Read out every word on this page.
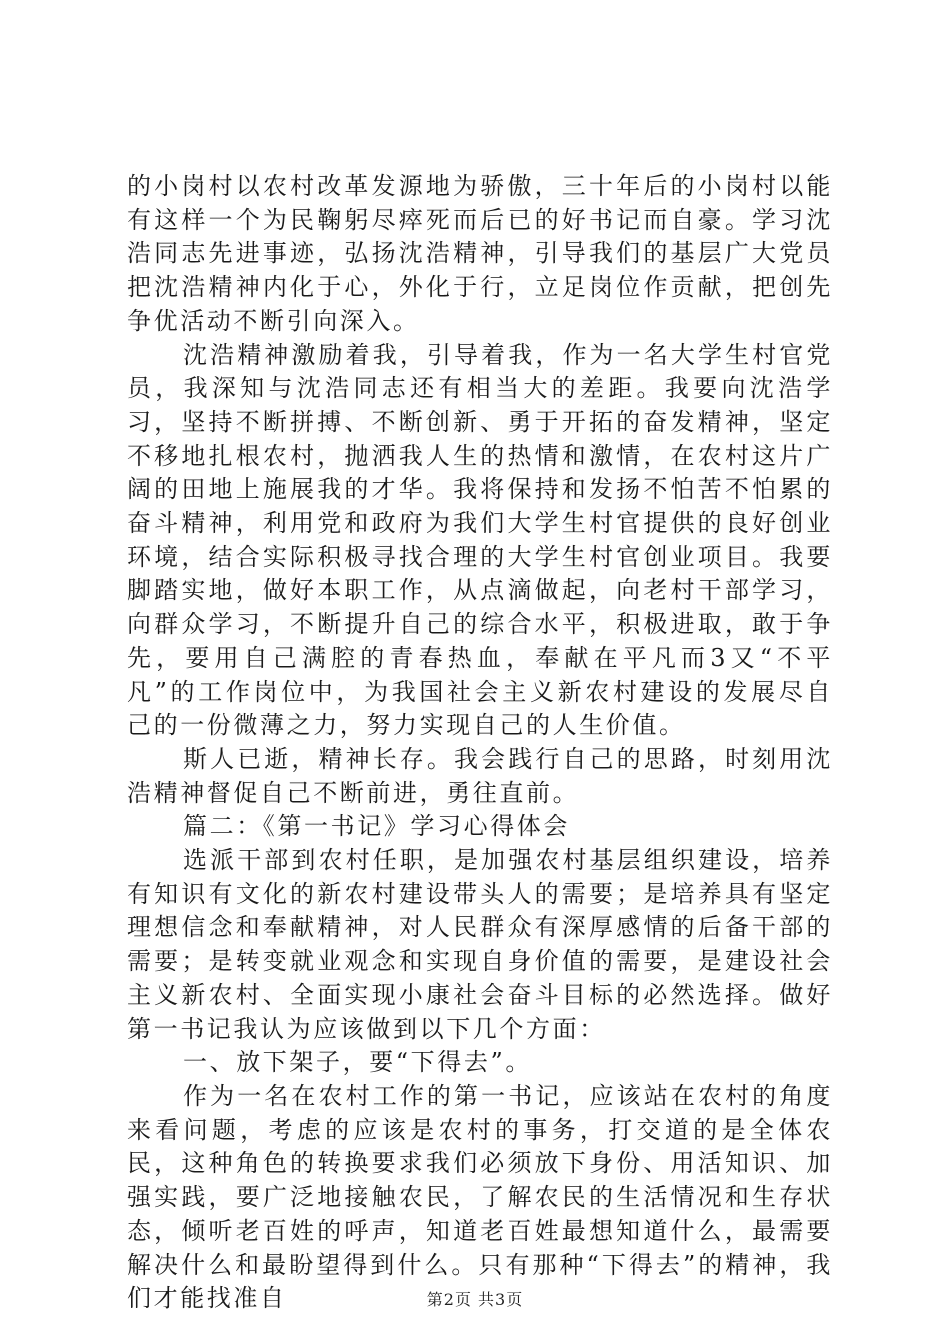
的小岗村以农村改革发源地为骄傲，三十年后的小岗村以能有这样一个为民鞠躬尽瘁死而后已的好书记而自豪。学习沈浩同志先进事迹，弘扬沈浩精神，引导我们的基层广大党员把沈浩精神内化于心，外化于行，立足岗位作贡献，把创先争优活动不断引向深入。

沈浩精神激励着我，引导着我，作为一名大学生村官党员，我深知与沈浩同志还有相当大的差距。我要向沈浩学习，坚持不断拼搏、不断创新、勇于开拓的奋发精神，坚定不移地扎根农村，抛洒我人生的热情和激情，在农村这片广阔的田地上施展我的才华。我将保持和发扬不怕苦不怕累的奋斗精神，利用党和政府为我们大学生村官提供的良好创业环境，结合实际积极寻找合理的大学生村官创业项目。我要脚踏实地，做好本职工作，从点滴做起，向老村干部学习，向群众学习，不断提升自己的综合水平，积极进取，敢于争先，要用自己满腔的青春热血，奉献在平凡而3又“不平凡”的工作岗位中，为我国社会主义新农村建设的发展尽自己的一份微薄之力，努力实现自己的人生价值。

斯人已逝，精神长存。我会践行自己的思路，时刻用沈浩精神督促自己不断前进，勇往直前。

篇二：《第一书记》学习心得体会

选派干部到农村任职，是加强农村基层组织建设，培养有知识有文化的新农村建设带头人的需要；是培养具有坚定理想信念和奉献精神，对人民群众有深厚感情的后备干部的需要；是转变就业观念和实现自身价值的需要，是建设社会主义新农村、全面实现小康社会奋斗目标的必然选择。做好第一书记我认为应该做到以下几个方面：

一、放下架子，要“下得去”。

作为一名在农村工作的第一书记，应该站在农村的角度来看问题，考虑的应该是农村的事务，打交道的是全体农民，这种角色的转换要求我们必须放下身份、用活知识、加强实践，要广泛地接触农民，了解农民的生活情况和生存状态，倾听老百姓的呼声，知道老百姓最想知道什么，最需要解决什么和最盼望得到什么。只有那种“下得去”的精神，我们才能找准自	第2页 共3页
